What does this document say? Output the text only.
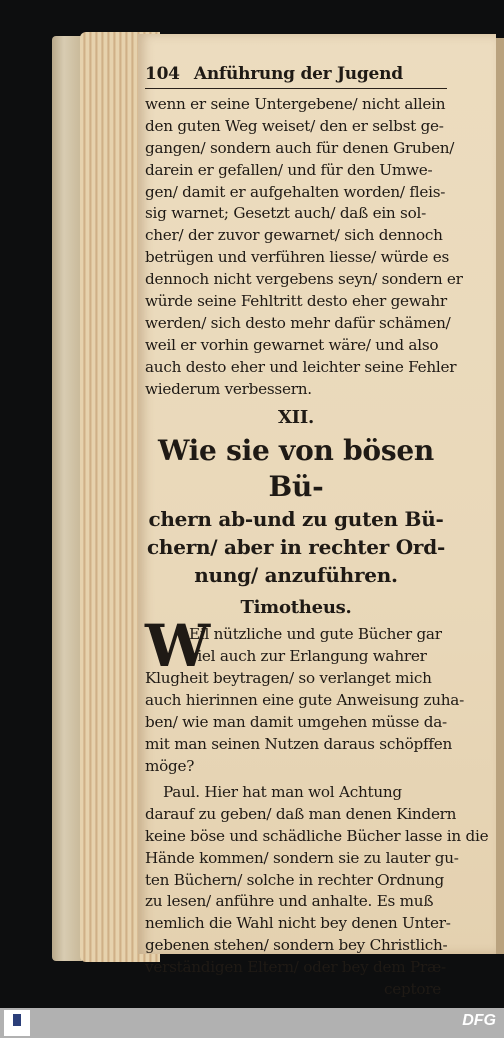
104 Anführung der Jugend
wenn er seine Untergebene/ nicht allein
den guten Weg weiset/ den er selbst ge-
gangen/ sondern auch für denen Gruben/
darein er gefallen/ und für den Umwe-
gen/ damit er aufgehalten worden/ fleis-
sig warnet; Gesetzt auch/ daß ein sol-
cher/ der zuvor gewarnet/ sich dennoch
betrügen und verführen liesse/ würde es
dennoch nicht vergebens seyn/ sondern er
würde seine Fehltritt desto eher gewahr
werden/ sich desto mehr dafür schämen/
weil er vorhin gewarnet wäre/ und also
auch desto eher und leichter seine Fehler
wiederum verbessern.
XII.
Wie sie von bösen Bü-
chern ab-und zu guten Bü-
chern/ aber in rechter Ord-
nung/ anzuführen.
Timotheus.
W
Eil nützliche und gute Bücher gar
viel auch zur Erlangung wahrer
Klugheit beytragen/ so verlanget mich
auch hierinnen eine gute Anweisung zuha-
ben/ wie man damit umgehen müsse da-
mit man seinen Nutzen daraus schöpffen
möge?
Paul. Hier hat man wol Achtung
darauf zu geben/ daß man denen Kindern
keine böse und schädliche Bücher lasse in die
Hände kommen/ sondern sie zu lauter gu-
ten Büchern/ solche in rechter Ordnung
zu lesen/ anführe und anhalte. Es muß
nemlich die Wahl nicht bey denen Unter-
gebenen stehen/ sondern bey Christlich-
verständigen Eltern/ oder bey dem Præ-
ceptore
DFG
